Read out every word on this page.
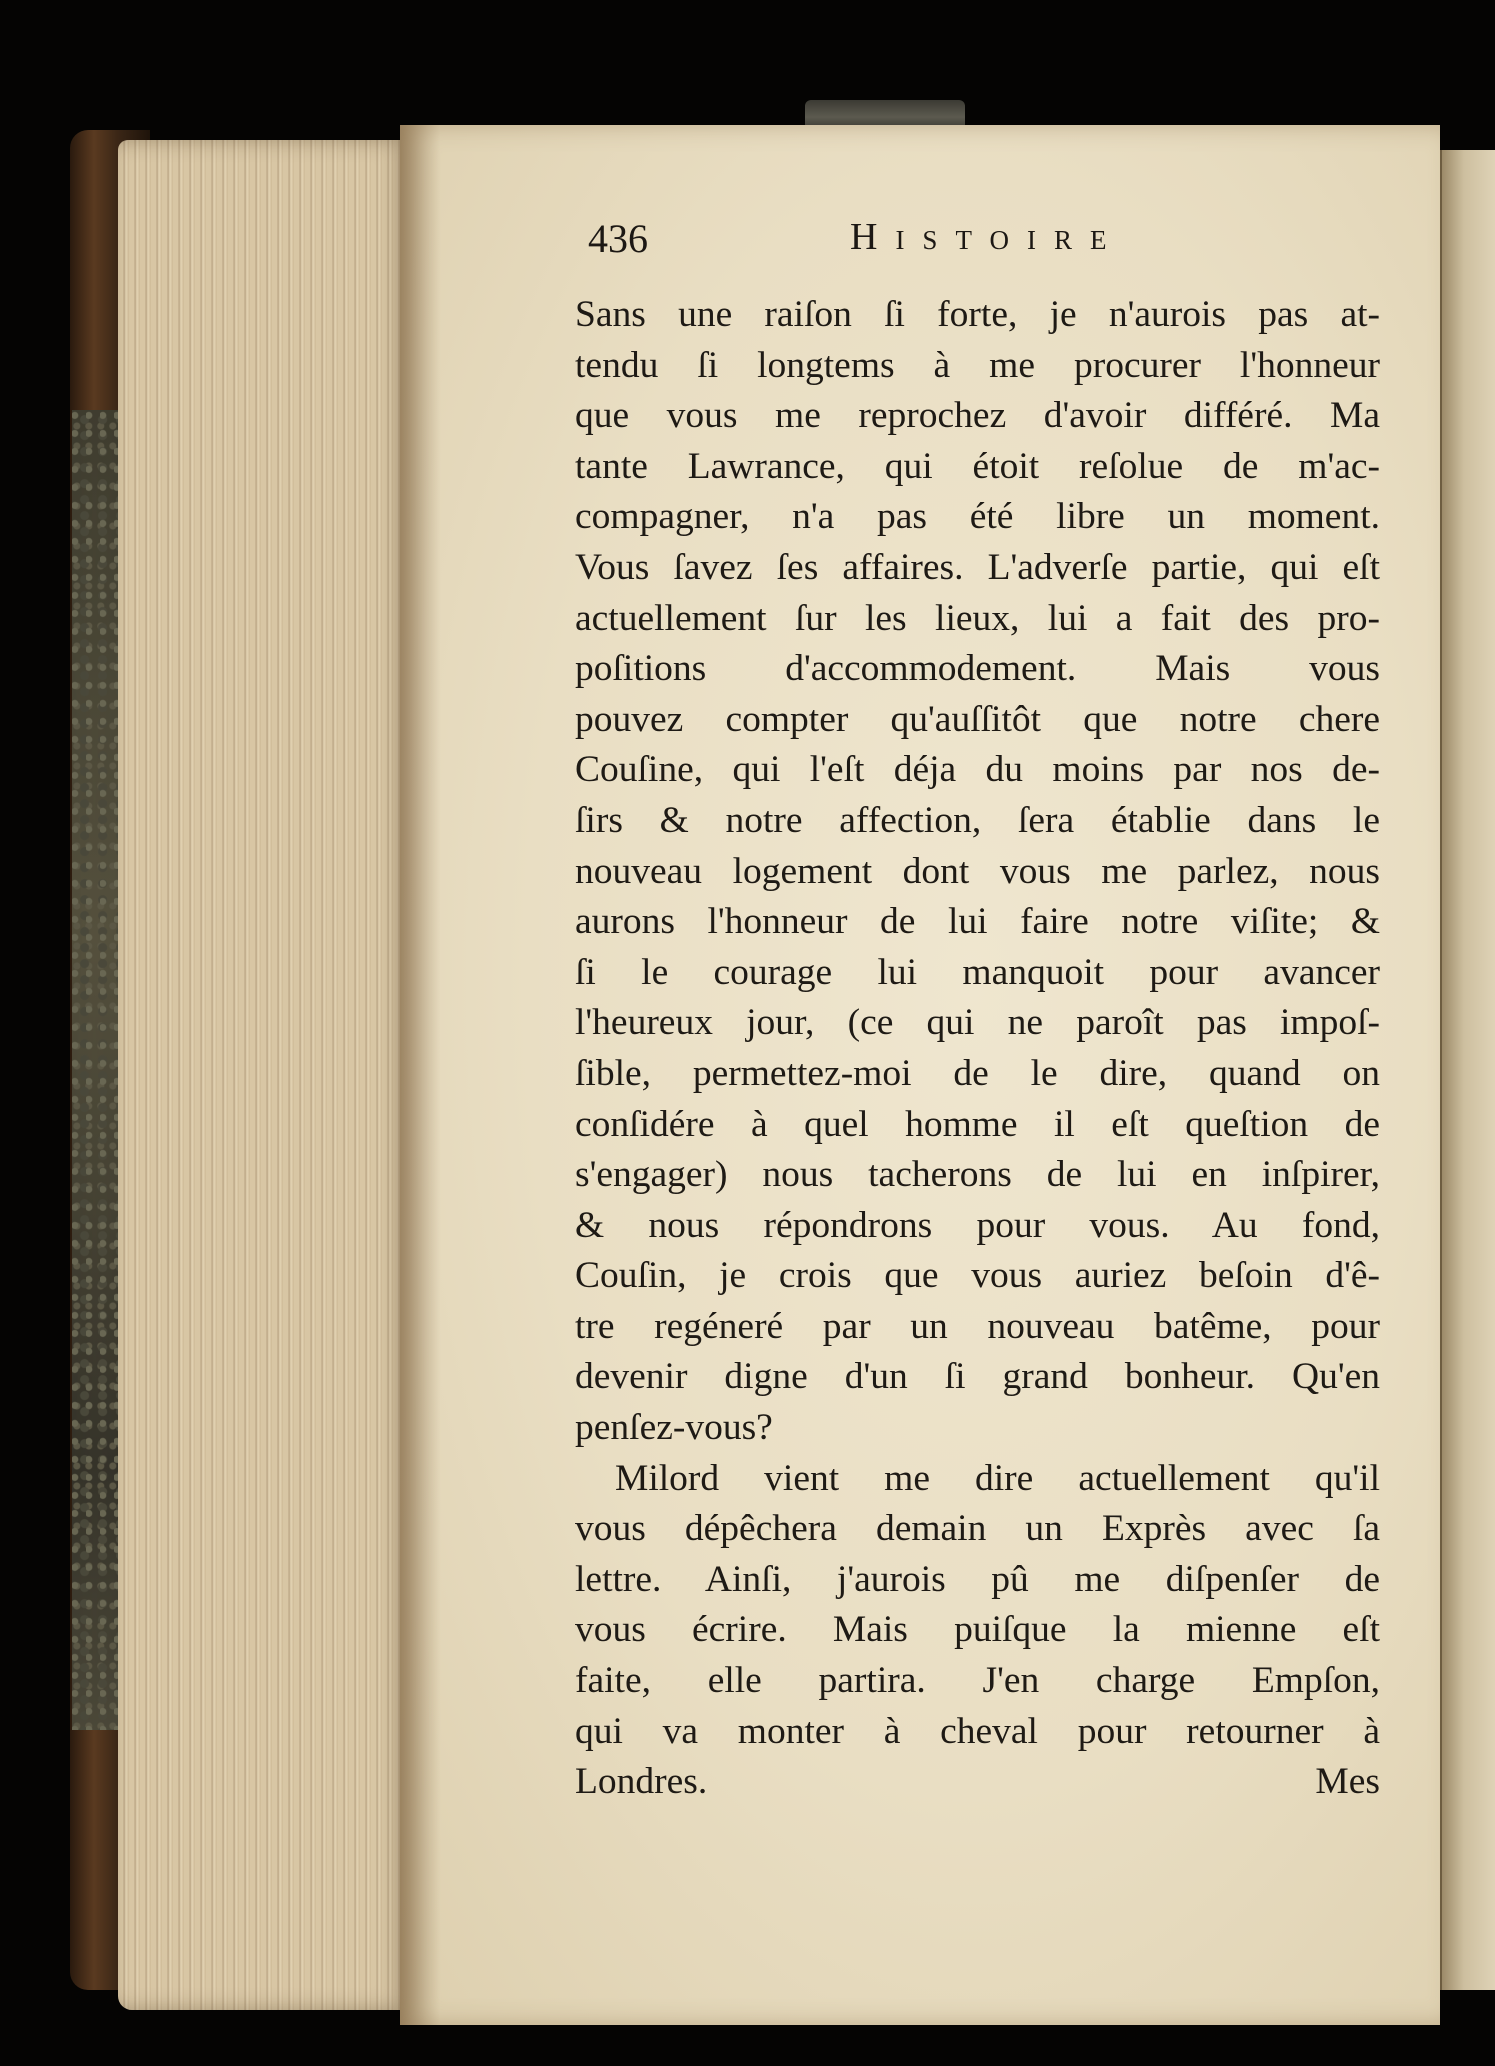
436	Histoire
Sans une raiſon ſi forte, je n'aurois pas at-
tendu ſi longtems à me procurer l'honneur
que vous me reprochez d'avoir différé. Ma
tante Lawrance, qui étoit reſolue de m'ac-
compagner, n'a pas été libre un moment.
Vous ſavez ſes affaires. L'adverſe partie, qui eſt
actuellement ſur les lieux, lui a fait des pro-
poſitions d'accommodement. Mais vous
pouvez compter qu'auſſitôt que notre chere
Couſine, qui l'eſt déja du moins par nos de-
ſirs & notre affection, ſera établie dans le
nouveau logement dont vous me parlez, nous
aurons l'honneur de lui faire notre viſite; &
ſi le courage lui manquoit pour avancer
l'heureux jour, (ce qui ne paroît pas impoſ-
ſible, permettez-moi de le dire, quand on
conſidére à quel homme il eſt queſtion de
s'engager) nous tacherons de lui en inſpirer,
& nous répondrons pour vous. Au fond,
Couſin, je crois que vous auriez beſoin d'ê-
tre regéneré par un nouveau batême, pour
devenir digne d'un ſi grand bonheur. Qu'en
penſez-vous?
Milord vient me dire actuellement qu'il
vous dépêchera demain un Exprès avec ſa
lettre. Ainſi, j'aurois pû me diſpenſer de
vous écrire. Mais puiſque la mienne eſt
faite, elle partira. J'en charge Empſon,
qui va monter à cheval pour retourner à
Londres.	Mes
